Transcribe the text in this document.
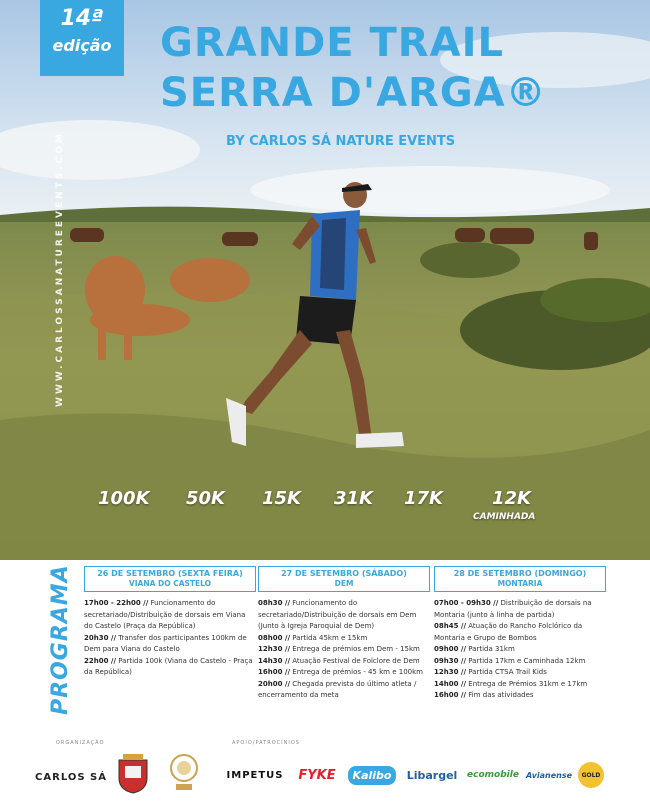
14ª
edição	GRANDE TRAIL
SERRA D'ARGA®
BY CARLOS SÁ NATURE EVENTS
WWW.CARLOSSANATUREEVENTS.COM
100K 50K 15K 31K 17K	12K
CAMINHADA
PROGRAMA	26 DE SETEMBRO (SEXTA FEIRA)
VIANA DO CASTELO
17h00 - 22h00 // Funcionamento do secretariado/Distribuição de dorsais em Viana do Castelo (Praça da República)
20h30 // Transfer dos participantes 100km de Dem para Viana do Castelo
22h00 // Partida 100k (Viana do Castelo - Praça da República)
27 DE SETEMBRO (SÁBADO)
DEM
08h30 // Funcionamento do secretariado/Distribuição de dorsais em Dem (Junto à Igreja Paroquial de Dem)
08h00 // Partida 45km e 15km
12h30 // Entrega de prémios em Dem - 15km
14h30 // Atuação Festival de Folclore de Dem
16h00 // Entrega de prémios - 45 km e 100km
20h00 // Chegada prevista do último atleta / encerramento da meta
28 DE SETEMBRO (DOMINGO)
MONTARIA
07h00 - 09h30 // Distribuição de dorsais na Montaria (junto à linha de partida)
08h45 // Atuação do Rancho Folclórico da Montaria e Grupo de Bombos
09h00 // Partida 31km
09h30 // Partida 17km e Caminhada 12km
12h30 // Partida CTSA Trail Kids
14h00 // Entrega de Prémios 31km e 17km
16h00 // Fim das atividades
ORGANIZAÇÃO	APOIO/PATROCÍNIOS
CARLOS SÁ	IMPETUS FYKE	Kalibo	Libargel ecomobile Avianense GOLD
